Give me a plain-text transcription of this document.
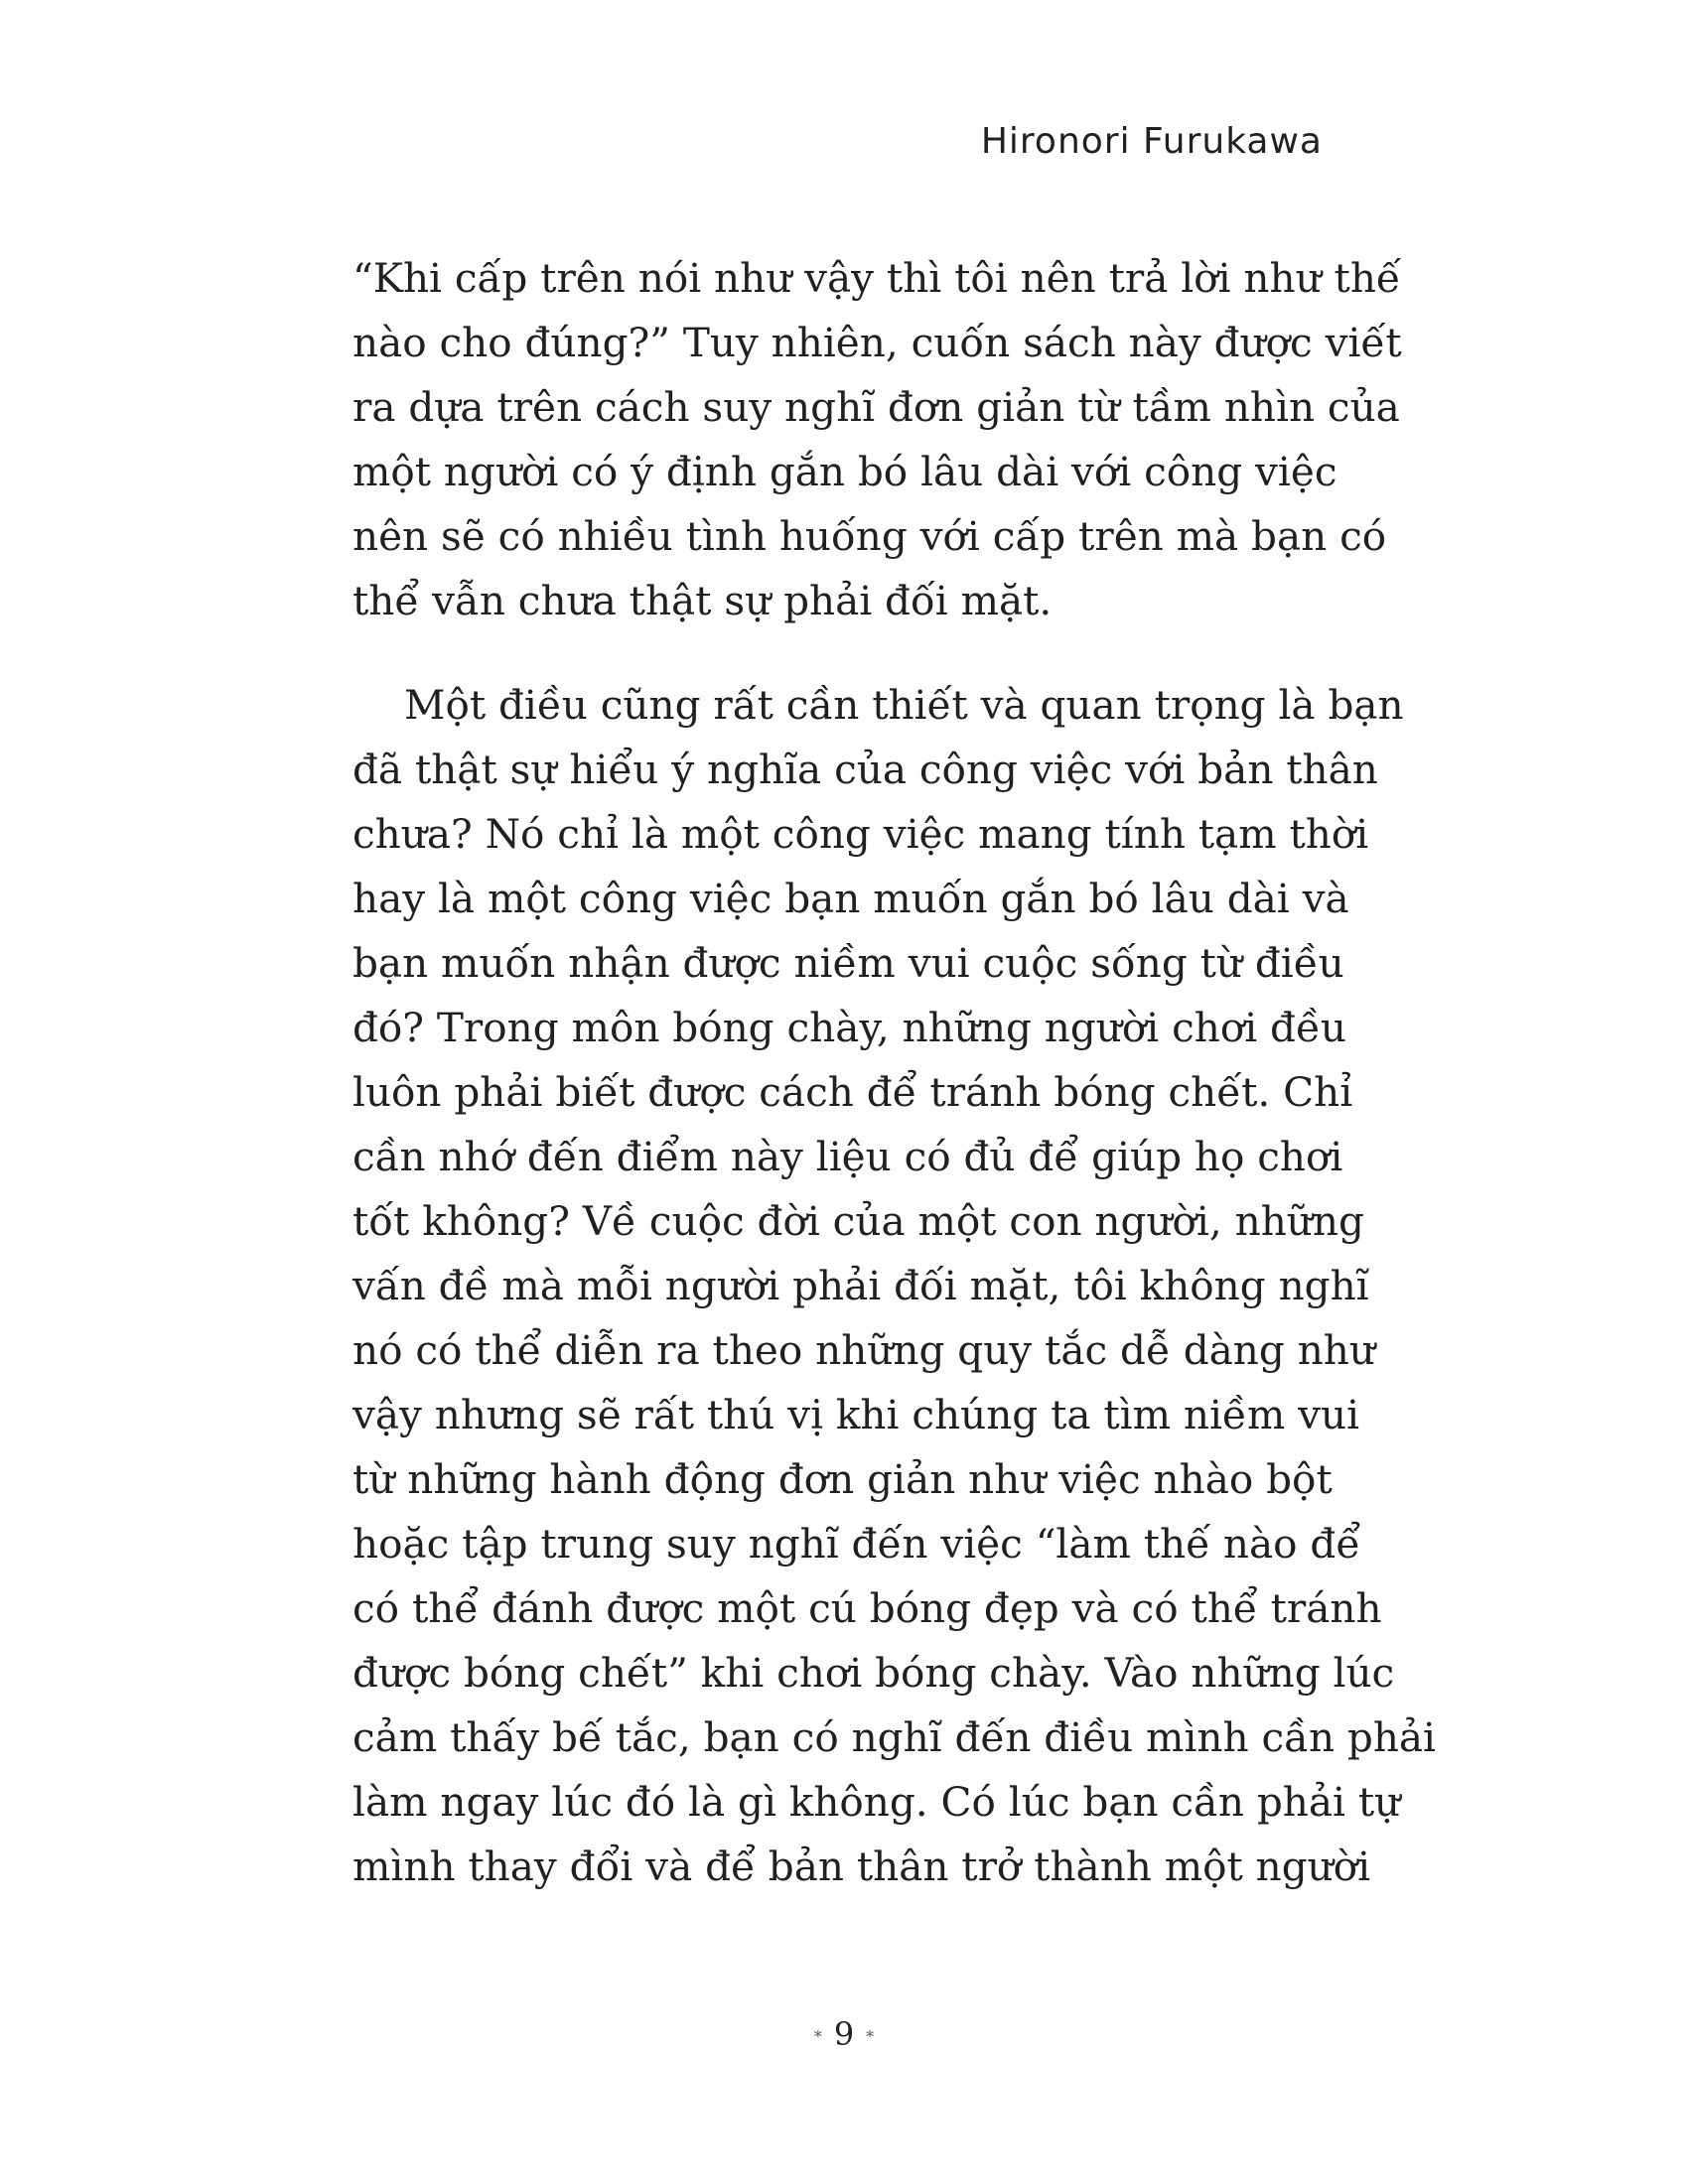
Hironori Furukawa

“Khi cấp trên nói như vậy thì tôi nên trả lời như thế
nào cho đúng?” Tuy nhiên, cuốn sách này được viết
ra dựa trên cách suy nghĩ đơn giản từ tầm nhìn của
một người có ý định gắn bó lâu dài với công việc
nên sẽ có nhiều tình huống với cấp trên mà bạn có
thể vẫn chưa thật sự phải đối mặt.

Một điều cũng rất cần thiết và quan trọng là bạn
đã thật sự hiểu ý nghĩa của công việc với bản thân
chưa? Nó chỉ là một công việc mang tính tạm thời
hay là một công việc bạn muốn gắn bó lâu dài và
bạn muốn nhận được niềm vui cuộc sống từ điều
đó? Trong môn bóng chày, những người chơi đều
luôn phải biết được cách để tránh bóng chết. Chỉ
cần nhớ đến điểm này liệu có đủ để giúp họ chơi
tốt không? Về cuộc đời của một con người, những
vấn đề mà mỗi người phải đối mặt, tôi không nghĩ
nó có thể diễn ra theo những quy tắc dễ dàng như
vậy nhưng sẽ rất thú vị khi chúng ta tìm niềm vui
từ những hành động đơn giản như việc nhào bột
hoặc tập trung suy nghĩ đến việc “làm thế nào để
có thể đánh được một cú bóng đẹp và có thể tránh
được bóng chết” khi chơi bóng chày. Vào những lúc
cảm thấy bế tắc, bạn có nghĩ đến điều mình cần phải
làm ngay lúc đó là gì không. Có lúc bạn cần phải tự
mình thay đổi và để bản thân trở thành một người

* 9 *
